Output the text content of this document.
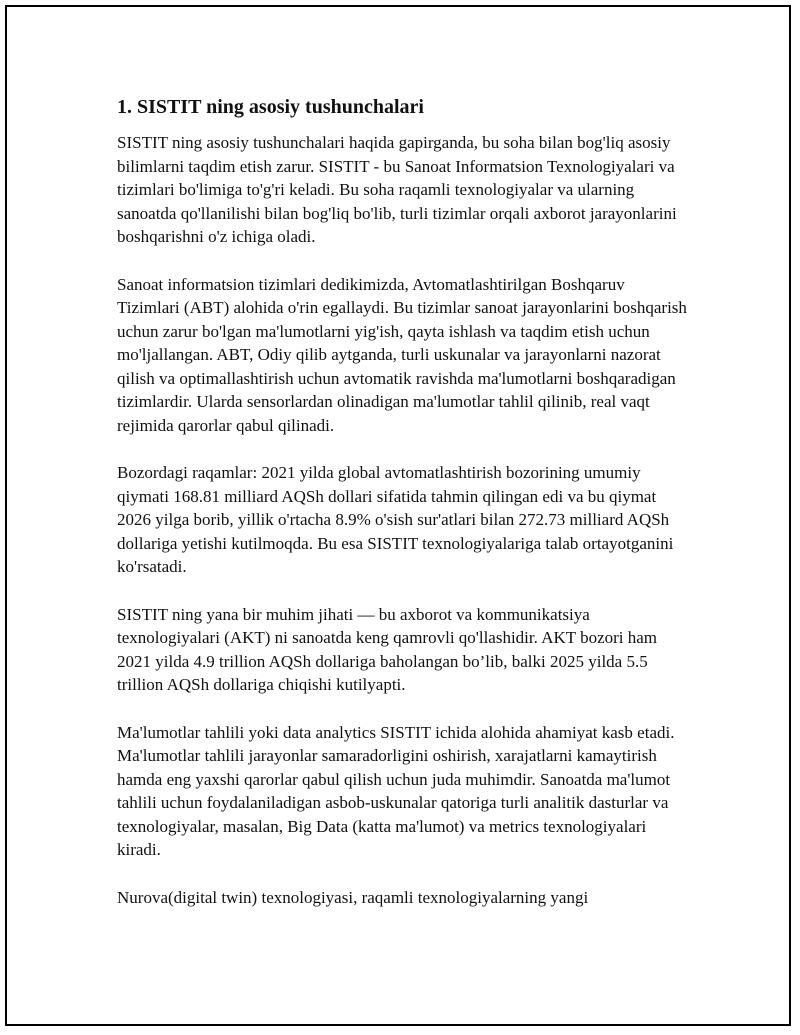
1. SISTIT ning asosiy tushunchalari

SISTIT ning asosiy tushunchalari haqida gapirganda, bu soha bilan bog'liq asosiy bilimlarni taqdim etish zarur. SISTIT - bu Sanoat Informatsion Texnologiyalari va tizimlari bo'limiga to'g'ri keladi. Bu soha raqamli texnologiyalar va ularning sanoatda qo'llanilishi bilan bog'liq bo'lib, turli tizimlar orqali axborot jarayonlarini boshqarishni o'z ichiga oladi.

Sanoat informatsion tizimlari dedikimizda, Avtomatlashtirilgan Boshqaruv Tizimlari (ABT) alohida o'rin egallaydi. Bu tizimlar sanoat jarayonlarini boshqarish uchun zarur bo'lgan ma'lumotlarni yig'ish, qayta ishlash va taqdim etish uchun mo'ljallangan. ABT, Odiy qilib aytganda, turli uskunalar va jarayonlarni nazorat qilish va optimallashtirish uchun avtomatik ravishda ma'lumotlarni boshqaradigan tizimlardir. Ularda sensorlardan olinadigan ma'lumotlar tahlil qilinib, real vaqt rejimida qarorlar qabul qilinadi.

Bozordagi raqamlar: 2021 yilda global avtomatlashtirish bozorining umumiy qiymati 168.81 milliard AQSh dollari sifatida tahmin qilingan edi va bu qiymat 2026 yilga borib, yillik o'rtacha 8.9% o'sish sur'atlari bilan 272.73 milliard AQSh dollariga yetishi kutilmoqda. Bu esa SISTIT texnologiyalariga talab ortayotganini ko'rsatadi.

SISTIT ning yana bir muhim jihati — bu axborot va kommunikatsiya texnologiyalari (AKT) ni sanoatda keng qamrovli qo'llashidir. AKT bozori ham 2021 yilda 4.9 trillion AQSh dollariga baholangan bo’lib, balki 2025 yilda 5.5 trillion AQSh dollariga chiqishi kutilyapti.

Ma'lumotlar tahlili yoki data analytics SISTIT ichida alohida ahamiyat kasb etadi. Ma'lumotlar tahlili jarayonlar samaradorligini oshirish, xarajatlarni kamaytirish hamda eng yaxshi qarorlar qabul qilish uchun juda muhimdir. Sanoatda ma'lumot tahlili uchun foydalaniladigan asbob-uskunalar qatoriga turli analitik dasturlar va texnologiyalar, masalan, Big Data (katta ma'lumot) va metrics texnologiyalari kiradi.

Nurova(digital twin) texnologiyasi, raqamli texnologiyalarning yangi
